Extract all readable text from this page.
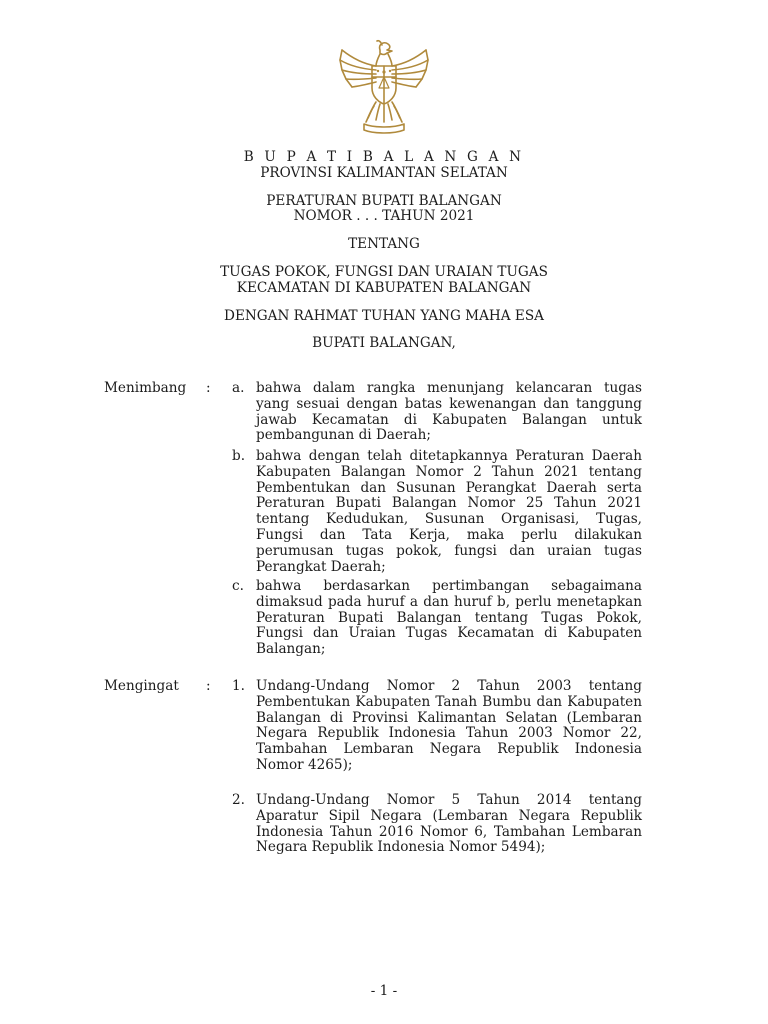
B U P A T I B A L A N G A N
PROVINSI KALIMANTAN SELATAN
PERATURAN BUPATI BALANGAN
NOMOR . . . TAHUN 2021
TENTANG
TUGAS POKOK, FUNGSI DAN URAIAN TUGAS
KECAMATAN DI KABUPATEN BALANGAN
DENGAN RAHMAT TUHAN YANG MAHA ESA
BUPATI BALANGAN,
Menimbang : a. bahwa dalam rangka menunjang kelancaran tugas yang sesuai dengan batas kewenangan dan tanggung jawab Kecamatan di Kabupaten Balangan untuk pembangunan di Daerah;
b. bahwa dengan telah ditetapkannya Peraturan Daerah Kabupaten Balangan Nomor 2 Tahun 2021 tentang Pembentukan dan Susunan Perangkat Daerah serta Peraturan Bupati Balangan Nomor 25 Tahun 2021 tentang Kedudukan, Susunan Organisasi, Tugas, Fungsi dan Tata Kerja, maka perlu dilakukan perumusan tugas pokok, fungsi dan uraian tugas Perangkat Daerah;
c. bahwa berdasarkan pertimbangan sebagaimana dimaksud pada huruf a dan huruf b, perlu menetapkan Peraturan Bupati Balangan tentang Tugas Pokok, Fungsi dan Uraian Tugas Kecamatan di Kabupaten Balangan;
Mengingat : 1. Undang-Undang Nomor 2 Tahun 2003 tentang Pembentukan Kabupaten Tanah Bumbu dan Kabupaten Balangan di Provinsi Kalimantan Selatan (Lembaran Negara Republik Indonesia Tahun 2003 Nomor 22, Tambahan Lembaran Negara Republik Indonesia Nomor 4265);
2. Undang-Undang Nomor 5 Tahun 2014 tentang Aparatur Sipil Negara (Lembaran Negara Republik Indonesia Tahun 2016 Nomor 6, Tambahan Lembaran Negara Republik Indonesia Nomor 5494);
- 1 -
